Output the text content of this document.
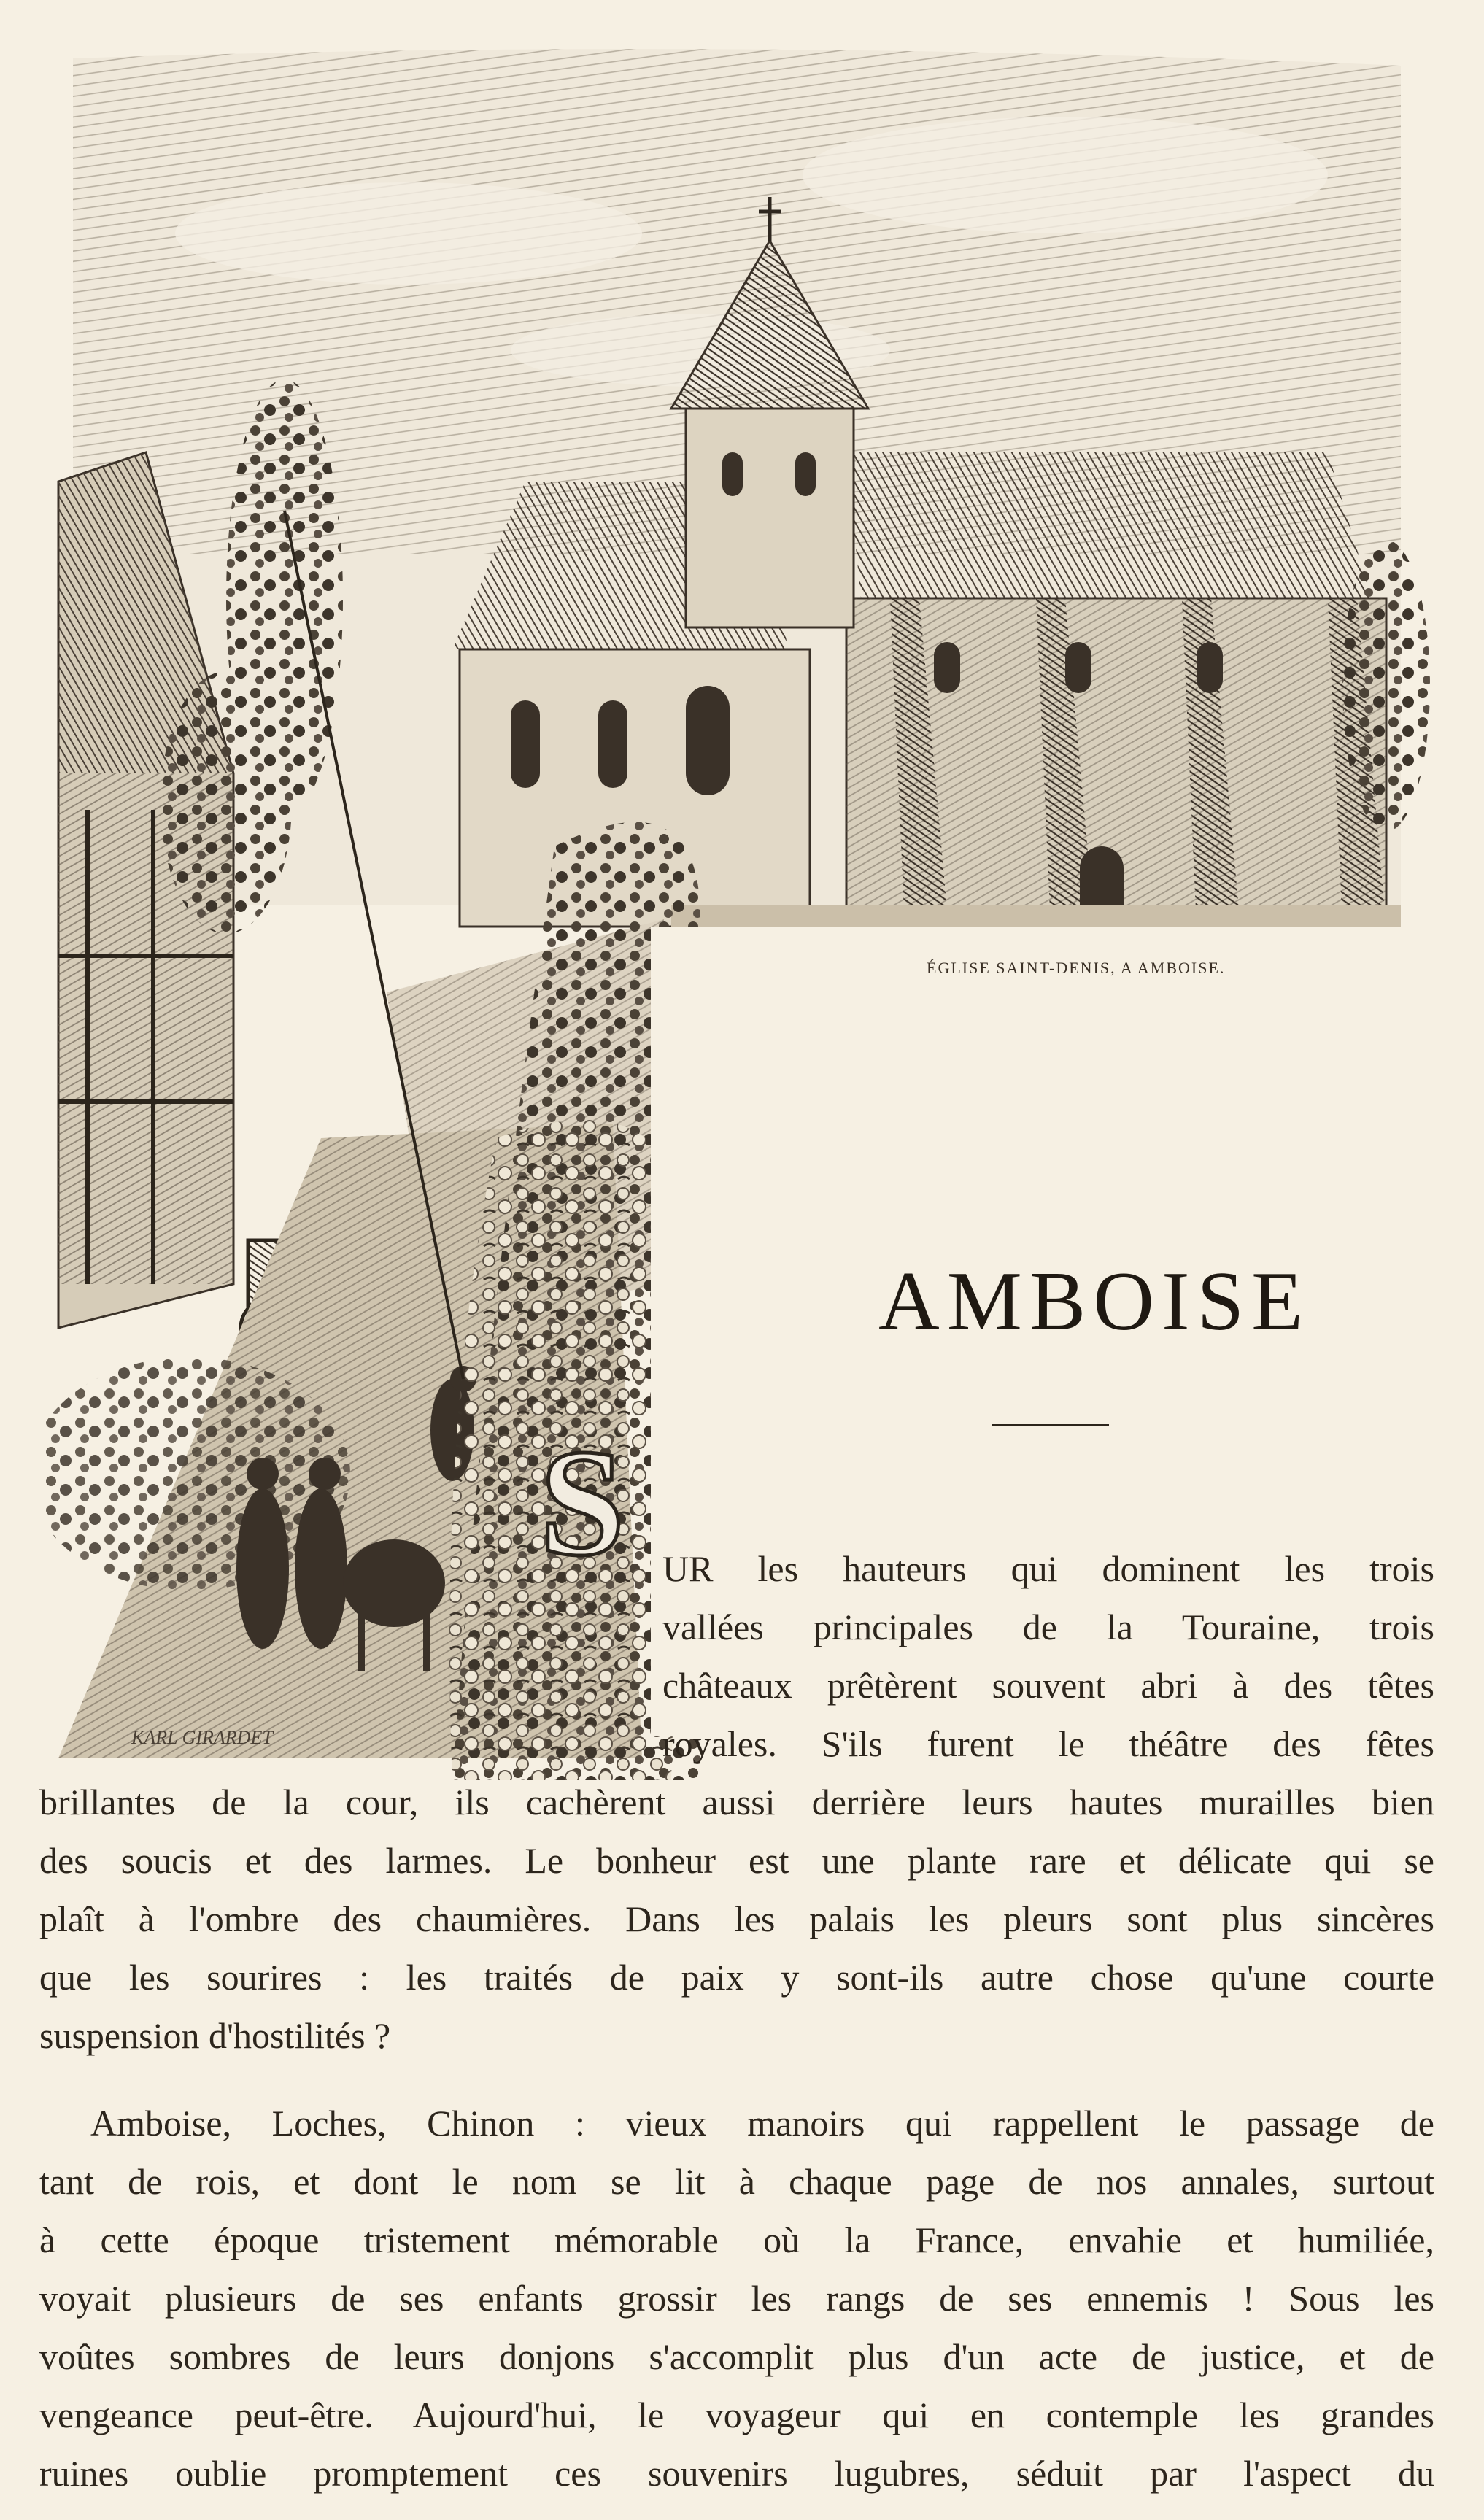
KARL GIRARDET
ÉGLISE SAINT-DENIS, A AMBOISE.
AMBOISE
S UR les hauteurs qui dominent les trois
vallées principales de la Touraine, trois
châteaux prêtèrent souvent abri à des têtes
royales. S'ils furent le théâtre des fêtes
brillantes de la cour, ils cachèrent aussi derrière leurs hautes murailles bien
des soucis et des larmes. Le bonheur est une plante rare et délicate qui se
plaît à l'ombre des chaumières. Dans les palais les pleurs sont plus sincères
que les sourires : les traités de paix y sont-ils autre chose qu'une courte
suspension d'hostilités ?
Amboise, Loches, Chinon : vieux manoirs qui rappellent le passage de
tant de rois, et dont le nom se lit à chaque page de nos annales, surtout
à cette époque tristement mémorable où la France, envahie et humiliée,
voyait plusieurs de ses enfants grossir les rangs de ses ennemis ! Sous les
voûtes sombres de leurs donjons s'accomplit plus d'un acte de justice, et de
vengeance peut-être. Aujourd'hui, le voyageur qui en contemple les grandes
ruines oublie promptement ces souvenirs lugubres, séduit par l'aspect du
